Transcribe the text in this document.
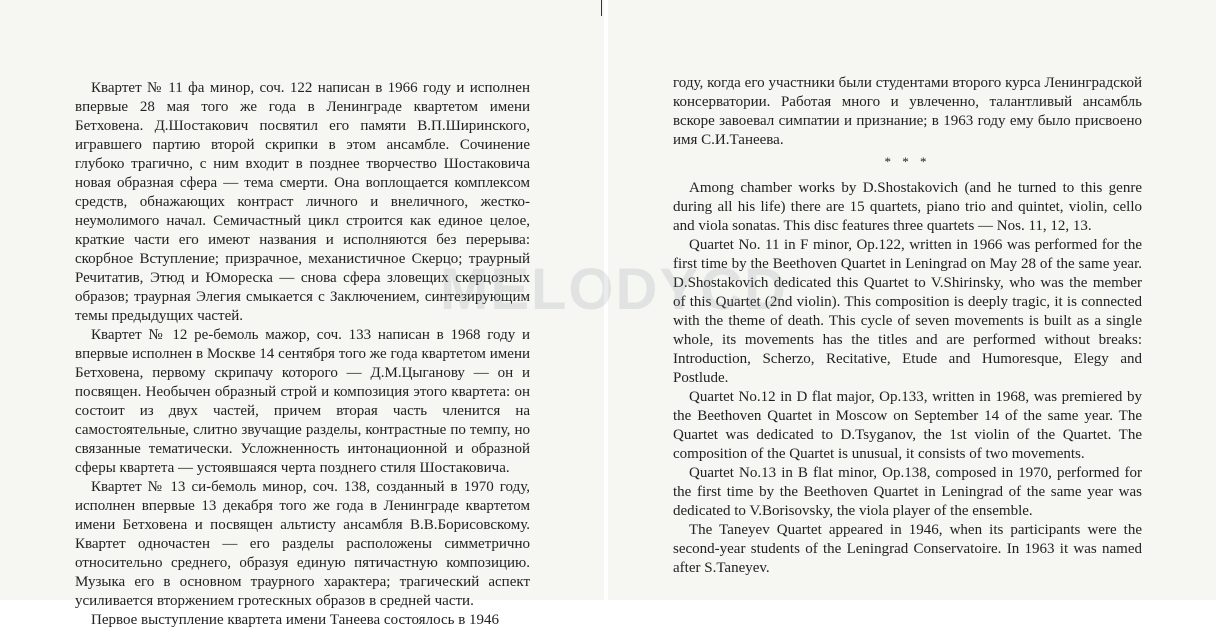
Квартет № 11 фа минор, соч. 122 написан в 1966 году и исполнен впервые 28 мая того же года в Ленинграде квартетом имени Бетховена. Д.Шостакович посвятил его памяти В.П.Ширинского, игравшего партию второй скрипки в этом ансамбле. Сочинение глубоко трагично, с ним входит в позднее творчество Шостаковича новая образная сфера — тема смерти. Она воплощается комплексом средств, обнажающих контраст личного и внеличного, жестко-неумолимого начал. Семичастный цикл строится как единое целое, краткие части его имеют названия и исполняются без перерыва: скорбное Вступление; призрачное, механистичное Скерцо; траурный Речитатив, Этюд и Юмореска — снова сфера зловещих скерцозных образов; траурная Элегия смыкается с Заключением, синтезирующим темы предыдущих частей.

Квартет № 12 ре-бемоль мажор, соч. 133 написан в 1968 году и впервые исполнен в Москве 14 сентября того же года квартетом имени Бетховена, первому скрипачу которого — Д.М.Цыганову — он и посвящен. Необычен образный строй и композиция этого квартета: он состоит из двух частей, причем вторая часть членится на самостоятельные, слитно звучащие разделы, контрастные по темпу, но связанные тематически. Усложненность интонационной и образной сферы квартета — устоявшаяся черта позднего стиля Шостаковича.

Квартет № 13 си-бемоль минор, соч. 138, созданный в 1970 году, исполнен впервые 13 декабря того же года в Ленинграде квартетом имени Бетховена и посвящен альтисту ансамбля В.В.Борисовскому. Квартет одночастен — его разделы расположены симметрично относительно среднего, образуя единую пятичастную композицию. Музыка его в основном траурного характера; трагический аспект усиливается вторжением гротескных образов в средней части.

Первое выступление квартета имени Танеева состоялось в 1946

году, когда его участники были студентами второго курса Ленинградской консерватории. Работая много и увлеченно, талантливый ансамбль вскоре завоевал симпатии и признание; в 1963 году ему было присвоено имя С.И.Танеева.

* * *

Among chamber works by D.Shostakovich (and he turned to this genre during all his life) there are 15 quartets, piano trio and quintet, violin, cello and viola sonatas. This disc features three quartets — Nos. 11, 12, 13.

Quartet No. 11 in F minor, Op.122, written in 1966 was performed for the first time by the Beethoven Quartet in Leningrad on May 28 of the same year. D.Shostakovich dedicated this Quartet to V.Shirinsky, who was the member of this Quartet (2nd violin). This composition is deeply tragic, it is connected with the theme of death. This cycle of seven movements is built as a single whole, its movements has the titles and are performed without breaks: Introduction, Scherzo, Recitative, Etude and Humoresque, Elegy and Postlude.

Quartet No.12 in D flat major, Op.133, written in 1968, was premiered by the Beethoven Quartet in Moscow on September 14 of the same year. The Quartet was dedicated to D.Tsyganov, the 1st violin of the Quartet. The composition of the Quartet is unusual, it consists of two movements.

Quartet No.13 in B flat minor, Op.138, composed in 1970, performed for the first time by the Beethoven Quartet in Leningrad of the same year was dedicated to V.Borisovsky, the viola player of the ensemble.

The Taneyev Quartet appeared in 1946, when its participants were the second-year students of the Leningrad Conservatoire. In 1963 it was named after S.Taneyev.
